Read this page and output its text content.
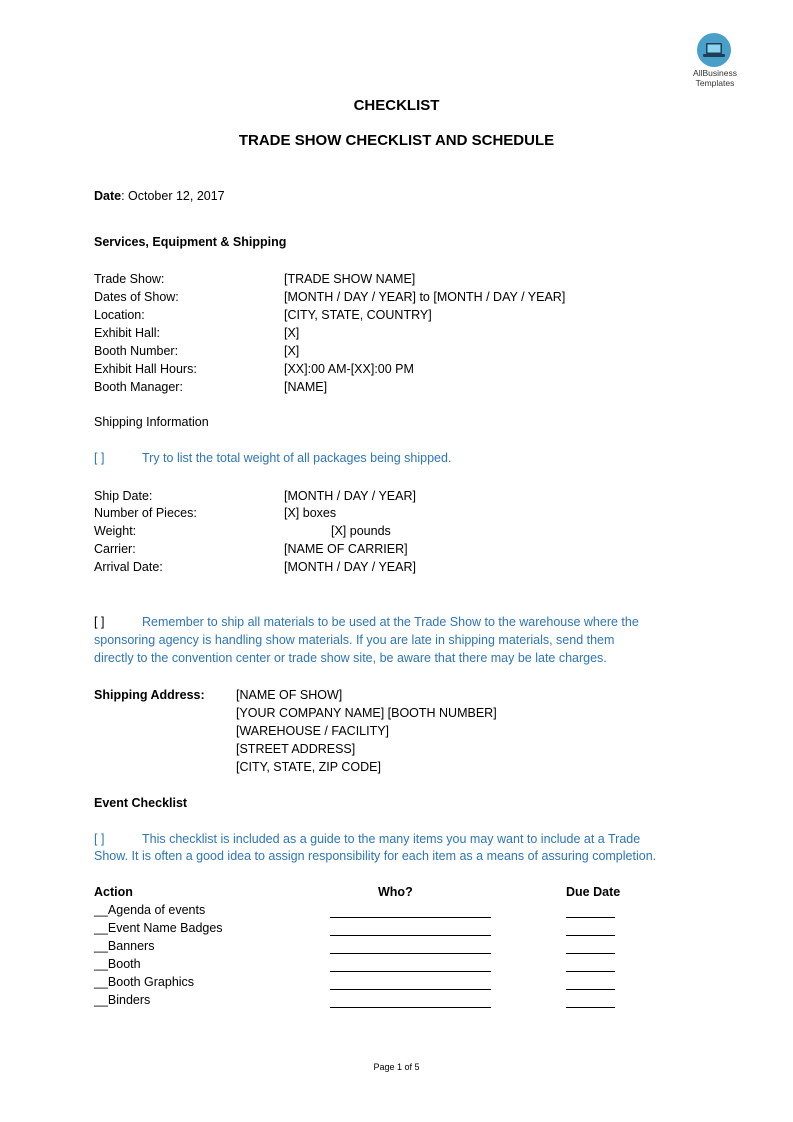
AllBusiness
Templates
CHECKLIST
TRADE SHOW CHECKLIST AND SCHEDULE
Date: October 12, 2017
Services, Equipment & Shipping
Trade Show:	[TRADE SHOW NAME]
Dates of Show:	[MONTH / DAY / YEAR] to [MONTH / DAY / YEAR]
Location:	[CITY, STATE, COUNTRY]
Exhibit Hall:	[X]
Booth Number:	[X]
Exhibit Hall Hours:	[XX]:00 AM-[XX]:00 PM
Booth Manager:	[NAME]
Shipping Information
[ ]	Try to list the total weight of all packages being shipped.
Ship Date:	[MONTH / DAY / YEAR]
Number of Pieces:	[X] boxes
Weight:	[X] pounds
Carrier:	[NAME OF CARRIER]
Arrival Date:	[MONTH / DAY / YEAR]
[ ]	Remember to ship all materials to be used at the Trade Show to the warehouse where the
sponsoring agency is handling show materials. If you are late in shipping materials, send them
directly to the convention center or trade show site, be aware that there may be late charges.
Shipping Address:	[NAME OF SHOW]
[YOUR COMPANY NAME] [BOOTH NUMBER]
[WAREHOUSE / FACILITY]
[STREET ADDRESS]
[CITY, STATE, ZIP CODE]
Event Checklist
[ ]	This checklist is included as a guide to the many items you may want to include at a Trade
Show. It is often a good idea to assign responsibility for each item as a means of assuring completion.
Action	Who?	Due Date
__Agenda of events
__Event Name Badges
__Banners
__Booth
__Booth Graphics
__Binders
Page 1 of 5
